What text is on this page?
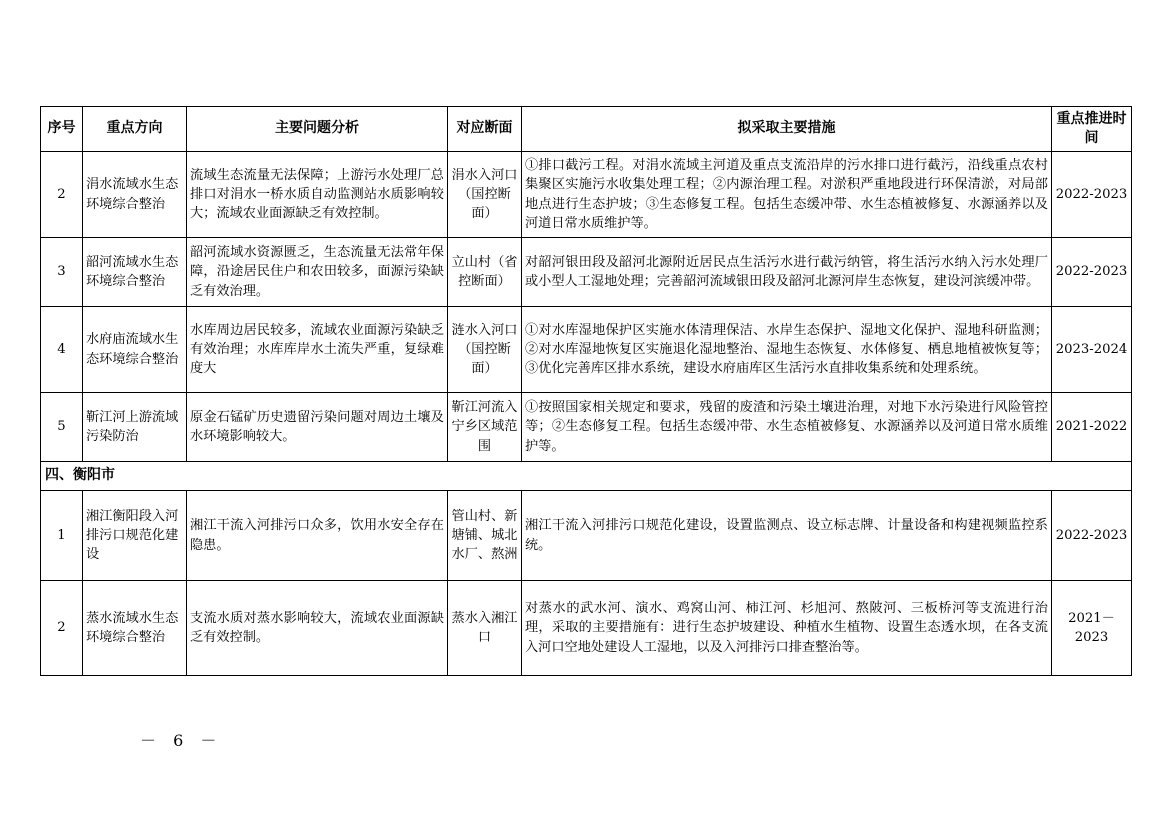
序号	重点方向	主要问题分析	对应断面	拟采取主要措施	重点推进时间
2	涓水流域水生态环境综合整治	流域生态流量无法保障；上游污水处理厂总排口对涓水一桥水质自动监测站水质影响较大；流域农业面源缺乏有效控制。	涓水入河口（国控断面）	①排口截污工程。对涓水流域主河道及重点支流沿岸的污水排口进行截污，沿线重点农村集聚区实施污水收集处理工程；②内源治理工程。对淤积严重地段进行环保清淤，对局部地点进行生态护坡；③生态修复工程。包括生态缓冲带、水生态植被修复、水源涵养以及河道日常水质维护等。	2022-2023
3	韶河流域水生态环境综合整治	韶河流域水资源匮乏，生态流量无法常年保障，沿途居民住户和农田较多，面源污染缺乏有效治理。	立山村（省控断面）	对韶河银田段及韶河北源附近居民点生活污水进行截污纳管，将生活污水纳入污水处理厂或小型人工湿地处理；完善韶河流域银田段及韶河北源河岸生态恢复，建设河滨缓冲带。	2022-2023
4	水府庙流域水生态环境综合整治	水库周边居民较多，流域农业面源污染缺乏有效治理；水库库岸水土流失严重，复绿难度大	涟水入河口（国控断面）	①对水库湿地保护区实施水体清理保洁、水岸生态保护、湿地文化保护、湿地科研监测；②对水库湿地恢复区实施退化湿地整治、湿地生态恢复、水体修复、栖息地植被恢复等；③优化完善库区排水系统，建设水府庙库区生活污水直排收集系统和处理系统。	2023-2024
5	靳江河上游流域污染防治	原金石锰矿历史遗留污染问题对周边土壤及水环境影响较大。	靳江河流入宁乡区域范围	①按照国家相关规定和要求，残留的废渣和污染土壤进治理，对地下水污染进行风险管控等；②生态修复工程。包括生态缓冲带、水生态植被修复、水源涵养以及河道日常水质维护等。	2021-2022
四、衡阳市					
1	湘江衡阳段入河排污口规范化建设	湘江干流入河排污口众多，饮用水安全存在隐患。	管山村、新塘铺、城北水厂、熬洲	湘江干流入河排污口规范化建设，设置监测点、设立标志牌、计量设备和构建视频监控系统。	2022-2023
2	蒸水流域水生态环境综合整治	支流水质对蒸水影响较大，流域农业面源缺乏有效控制。	蒸水入湘江口	对蒸水的武水河、演水、鸡窝山河、柿江河、杉旭河、熬陂河、三板桥河等支流进行治理，采取的主要措施有：进行生态护坡建设、种植水生植物、设置生态透水坝，在各支流入河口空地处建设人工湿地，以及入河排污口排查整治等。	2021－2023
－ 6 －
